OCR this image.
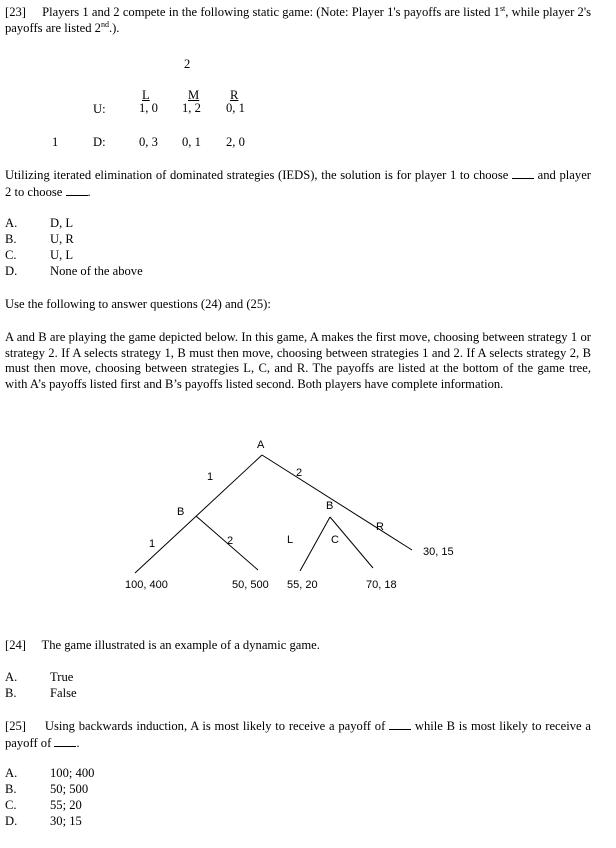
[23] Players 1 and 2 compete in the following static game: (Note: Player 1's payoffs are listed 1st, while player 2's payoffs are listed 2nd.).
2
L	M R
U:	1, 0 1, 2 0, 1
1	D:	0, 3 0, 1 2, 0
Utilizing iterated elimination of dominated strategies (IEDS), the solution is for player 1 to choose and player 2 to choose .
A.	D, L
B.	U, R
C.	U, L
D.	None of the above
Use the following to answer questions (24) and (25):
A and B are playing the game depicted below. In this game, A makes the first move, choosing between strategy 1 or strategy 2. If A selects strategy 1, B must then move, choosing between strategies 1 and 2. If A selects strategy 2, B must then move, choosing between strategies L, C, and R. The payoffs are listed at the bottom of the game tree, with A’s payoffs listed first and B’s payoffs listed second. Both players have complete information.
A
1	2
B	B
1	2	L	C
R
100, 400	50, 500 55, 20	70, 18
30, 15
[24] The game illustrated is an example of a dynamic game.
A.	True
B.	False
[25] Using backwards induction, A is most likely to receive a payoff of while B is most likely to receive a payoff of .
A.	100; 400
B.	50; 500
C.	55; 20
D.	30; 15
